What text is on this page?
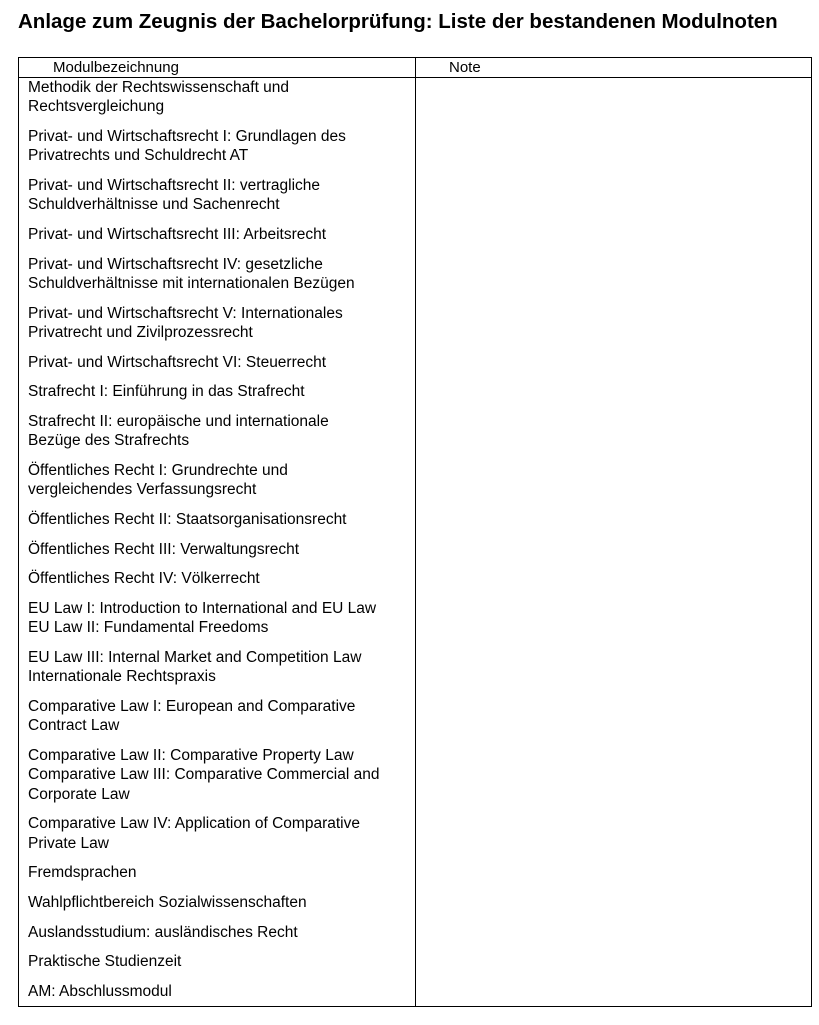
Anlage zum Zeugnis der Bachelorprüfung: Liste der bestandenen Modulnoten
Modulbezeichnung	Note
Methodik der Rechtswissenschaft und
Rechtsvergleichung
Privat- und Wirtschaftsrecht I: Grundlagen des
Privatrechts und Schuldrecht AT
Privat- und Wirtschaftsrecht II: vertragliche
Schuldverhältnisse und Sachenrecht
Privat- und Wirtschaftsrecht III: Arbeitsrecht
Privat- und Wirtschaftsrecht IV: gesetzliche
Schuldverhältnisse mit internationalen Bezügen
Privat- und Wirtschaftsrecht V: Internationales
Privatrecht und Zivilprozessrecht
Privat- und Wirtschaftsrecht VI: Steuerrecht
Strafrecht I: Einführung in das Strafrecht
Strafrecht II: europäische und internationale
Bezüge des Strafrechts
Öffentliches Recht I: Grundrechte und
vergleichendes Verfassungsrecht
Öffentliches Recht II: Staatsorganisationsrecht
Öffentliches Recht III: Verwaltungsrecht
Öffentliches Recht IV: Völkerrecht
EU Law I: Introduction to International and EU Law
EU Law II: Fundamental Freedoms
EU Law III: Internal Market and Competition Law
Internationale Rechtspraxis
Comparative Law I: European and Comparative
Contract Law
Comparative Law II: Comparative Property Law
Comparative Law III: Comparative Commercial and
Corporate Law
Comparative Law IV: Application of Comparative
Private Law
Fremdsprachen
Wahlpflichtbereich Sozialwissenschaften
Auslandsstudium: ausländisches Recht
Praktische Studienzeit
AM: Abschlussmodul
